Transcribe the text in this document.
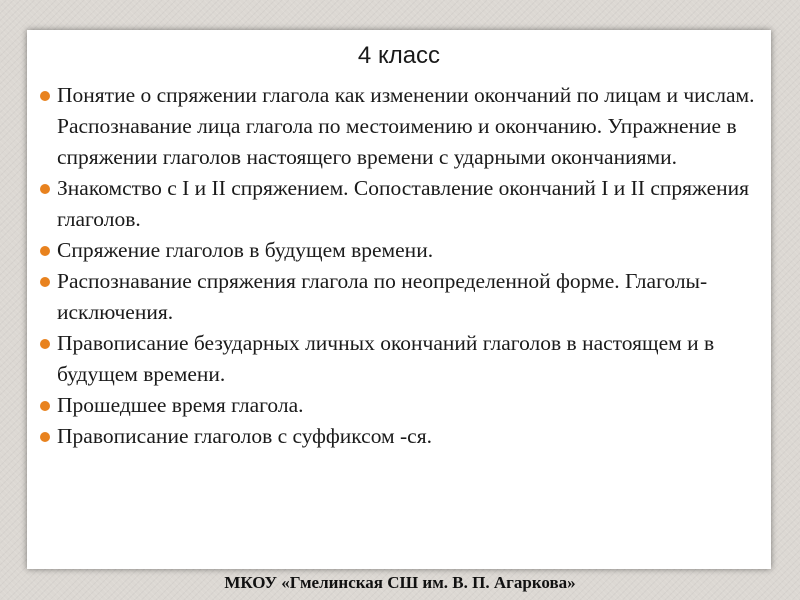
4 класс
Понятие о спряжении глагола как изменении окончаний по лицам и числам. Распознавание лица глагола по местоимению и окончанию. Упражнение в спряжении глаголов настоящего времени с ударными окончаниями.
Знакомство с I и II спряжением. Сопоставление окончаний I и II спряжения глаголов.
Спряжение глаголов в будущем времени.
Распознавание спряжения глагола по неопределенной форме. Глаголы-исключения.
Правописание безударных личных окончаний глаголов в настоящем и в будущем времени.
Прошедшее время глагола.
Правописание глаголов с суффиксом -ся.
МКОУ «Гмелинская СШ им. В. П. Агаркова»
